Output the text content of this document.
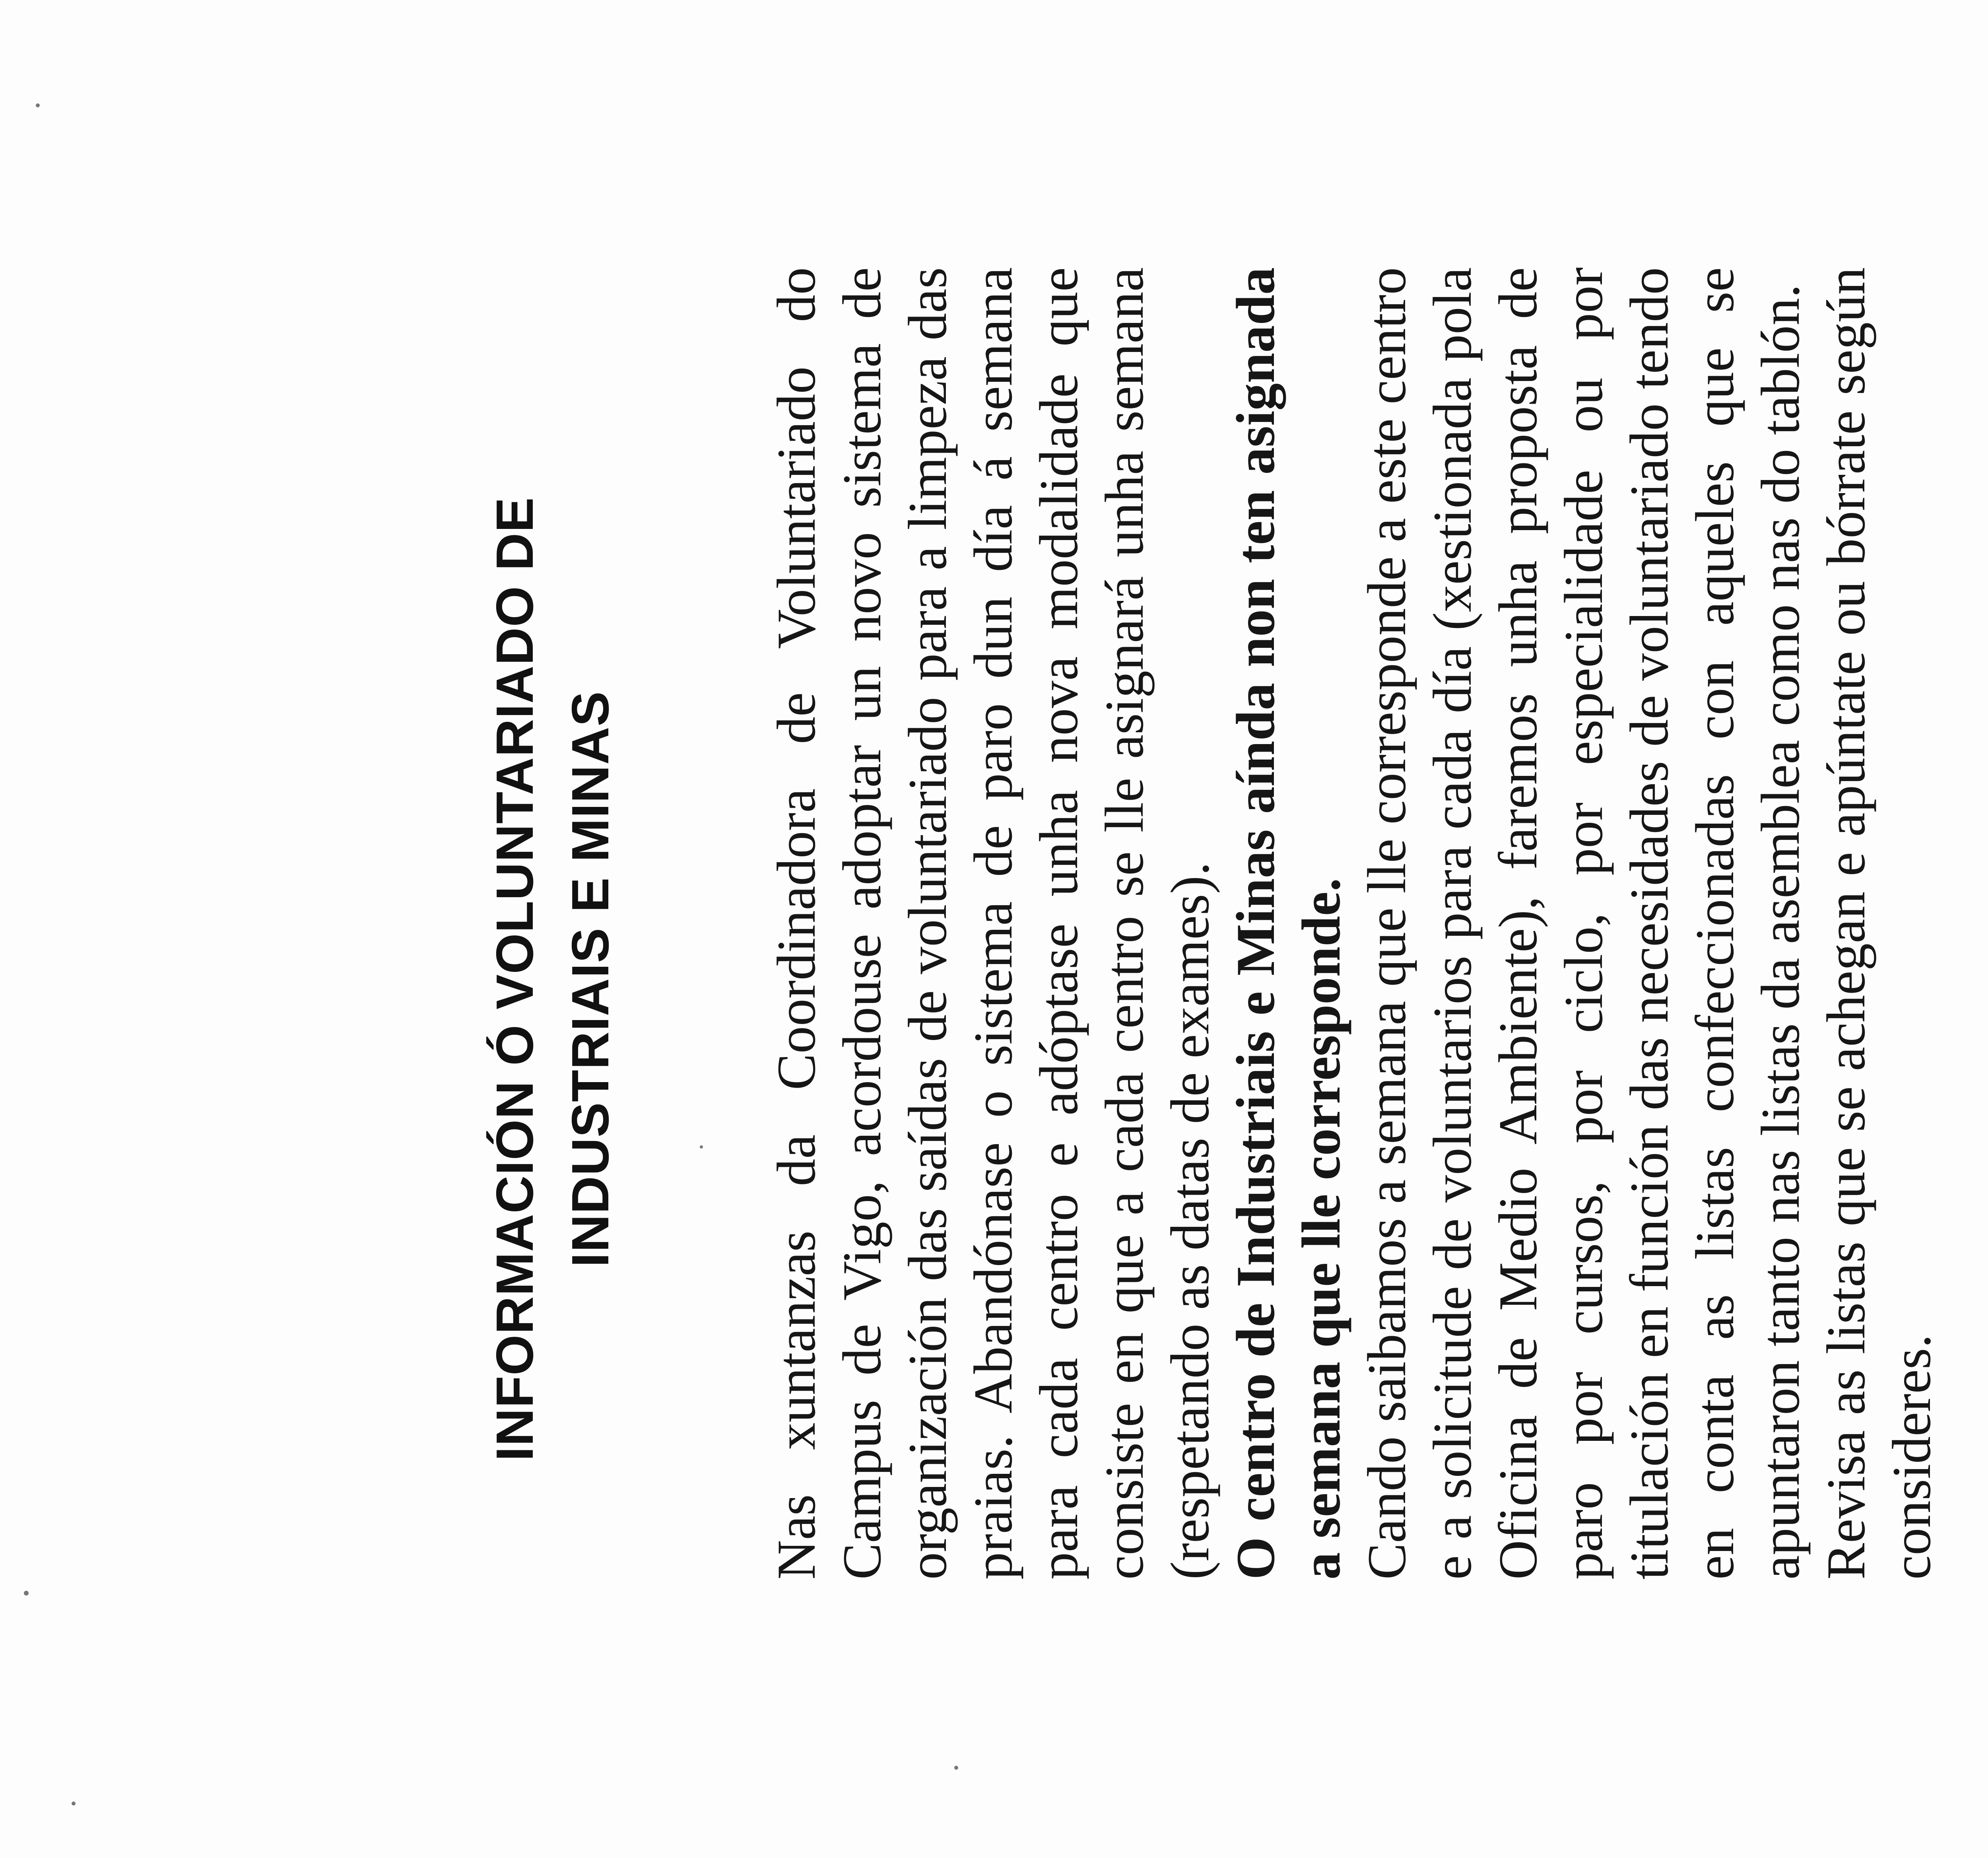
INFORMACIÓN Ó VOLUNTARIADO DE INDUSTRIAIS E MINAS	Nas xuntanzas da Coordinadora de Voluntariado do Campus de Vigo, acordouse adoptar un novo sistema de organización das saídas de voluntariado para a limpeza das praias. Abandónase o sistema de paro dun día á semana para cada centro e adóptase unha nova modalidade que consiste en que a cada centro se lle asignará unha semana (respetando as datas de exames). O centro de Industriais e Minas aínda non ten asignada a semana que lle corresponde. Cando saibamos a semana que lle corresponde a este centro e a solicitude de voluntarios para cada día (xestionada pola Oficina de Medio Ambiente), faremos unha proposta de paro por cursos, por ciclo, por especialidade ou por titulación en función das necesidades de voluntariado tendo en conta as listas confeccionadas con aqueles que se apuntaron tanto nas listas da asemblea como nas do tablón. Revisa as listas que se achegan e apúntate ou bórrate según consideres.
